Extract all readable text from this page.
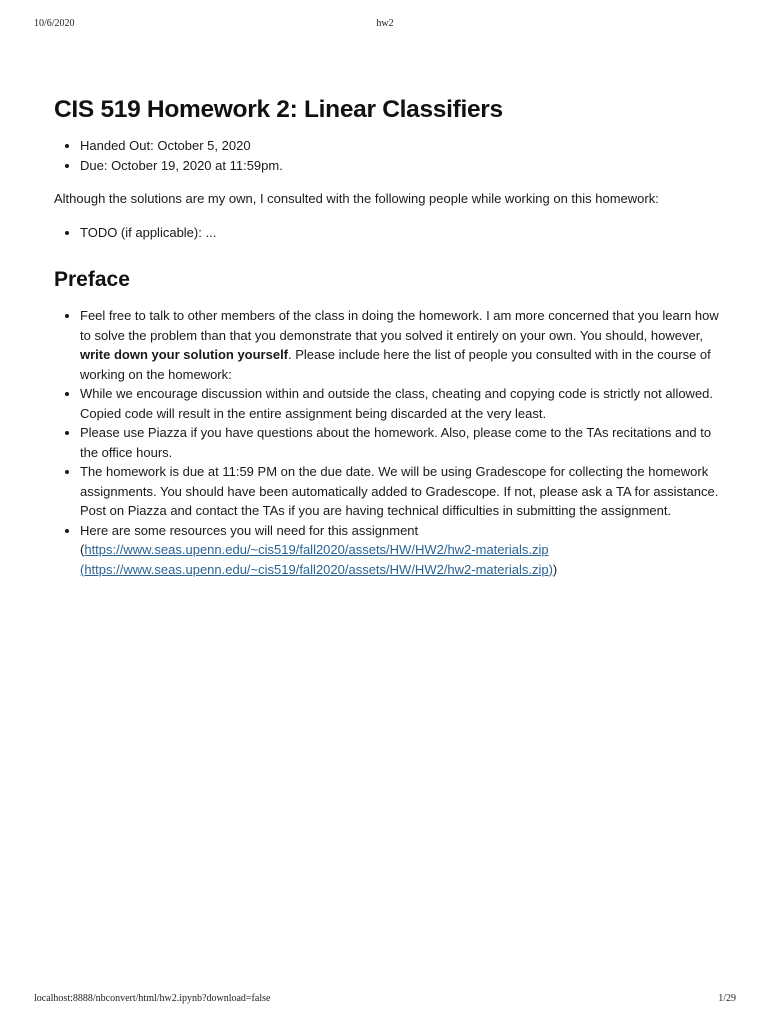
10/6/2020	hw2
CIS 519 Homework 2: Linear Classifiers
• Handed Out: October 5, 2020
• Due: October 19, 2020 at 11:59pm.

Although the solutions are my own, I consulted with the following people while working on this homework:

• TODO (if applicable): ...
Preface
• Feel free to talk to other members of the class in doing the homework. I am more concerned that you learn how to solve the problem than that you demonstrate that you solved it entirely on your own. You should, however, write down your solution yourself. Please include here the list of people you consulted with in the course of working on the homework:
• While we encourage discussion within and outside the class, cheating and copying code is strictly not allowed. Copied code will result in the entire assignment being discarded at the very least.
• Please use Piazza if you have questions about the homework. Also, please come to the TAs recitations and to the office hours.
• The homework is due at 11:59 PM on the due date. We will be using Gradescope for collecting the homework assignments. You should have been automatically added to Gradescope. If not, please ask a TA for assistance. Post on Piazza and contact the TAs if you are having technical difficulties in submitting the assignment.
• Here are some resources you will need for this assignment
(https://www.seas.upenn.edu/~cis519/fall2020/assets/HW/HW2/hw2-materials.zip (https://www.seas.upenn.edu/~cis519/fall2020/assets/HW/HW2/hw2-materials.zip))
localhost:8888/nbconvert/html/hw2.ipynb?download=false	1/29
